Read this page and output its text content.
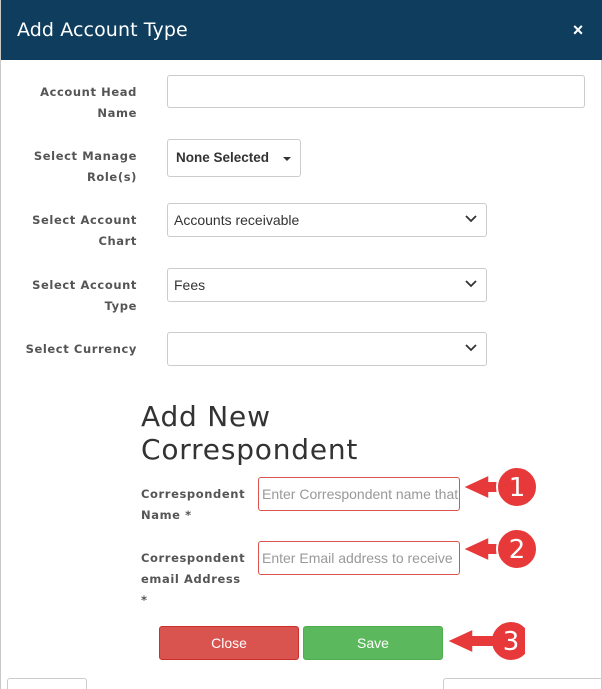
Add Account Type	×
Account Head Name
Select Manage Role(s)
None Selected
Select Account Chart
Accounts receivable
Select Account Type
Fees
Select Currency
Add New Correspondent
Correspondent Name *
Enter Correspondent name that
Correspondent email Address *
Enter Email address to receive
Close	Save
1
2
3
